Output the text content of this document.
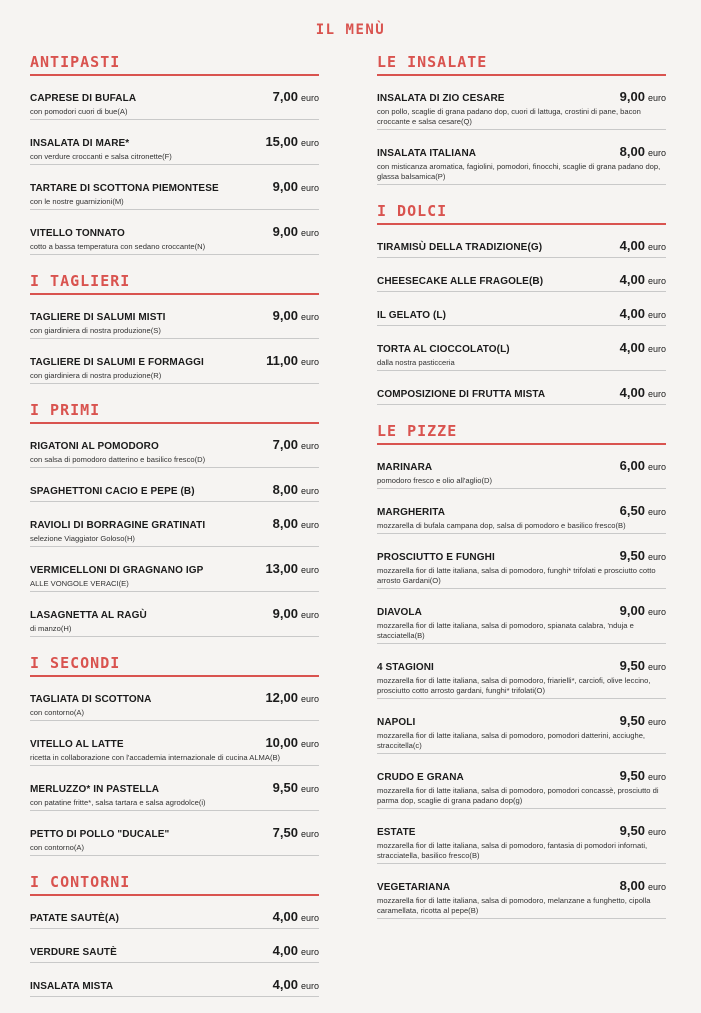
IL MENÙ
ANTIPASTI
CAPRESE DI BUFALA	7,00 euro
con pomodori cuori di bue(A)
INSALATA DI MARE*	15,00 euro
con verdure croccanti e salsa citronette(F)
TARTARE DI SCOTTONA PIEMONTESE	9,00 euro
con le nostre guarnizioni(M)
VITELLO TONNATO	9,00 euro
cotto a bassa temperatura con sedano croccante(N)
I TAGLIERI
TAGLIERE DI SALUMI MISTI	9,00 euro
con giardiniera di nostra produzione(S)
TAGLIERE DI SALUMI E FORMAGGI	11,00 euro
con giardiniera di nostra produzione(R)
I PRIMI
RIGATONI AL POMODORO	7,00 euro
con salsa di pomodoro datterino e basilico fresco(D)
SPAGHETTONI CACIO E PEPE (B)	8,00 euro
RAVIOLI DI BORRAGINE GRATINATI	8,00 euro
selezione Viaggiator Goloso(H)
VERMICELLONI DI GRAGNANO IGP	13,00 euro
ALLE VONGOLE VERACI(E)
LASAGNETTA AL RAGÙ	9,00 euro
di manzo(H)
I SECONDI
TAGLIATA DI SCOTTONA	12,00 euro
con contorno(A)
VITELLO AL LATTE	10,00 euro
ricetta in collaborazione con l'accademia internazionale di cucina ALMA(B)
MERLUZZO* IN PASTELLA	9,50 euro
con patatine fritte*, salsa tartara e salsa agrodolce(i)
PETTO DI POLLO "DUCALE"	7,50 euro
con contorno(A)
I CONTORNI
PATATE SAUTÈ(A)	4,00 euro
VERDURE SAUTÈ	4,00 euro
INSALATA MISTA	4,00 euro
LE INSALATE
INSALATA DI ZIO CESARE	9,00 euro
con pollo, scaglie di grana padano dop, cuori di lattuga, crostini di pane, bacon croccante e salsa cesare(Q)
INSALATA ITALIANA	8,00 euro
con misticanza aromatica, fagiolini, pomodori, finocchi, scaglie di grana padano dop, glassa balsamica(P)
I DOLCI
TIRAMISÙ DELLA TRADIZIONE(G)	4,00 euro
CHEESECAKE ALLE FRAGOLE(B)	4,00 euro
IL GELATO (L)	4,00 euro
TORTA AL CIOCCOLATO(L)	4,00 euro
dalla nostra pasticceria
COMPOSIZIONE DI FRUTTA MISTA	4,00 euro
LE PIZZE
MARINARA	6,00 euro
pomodoro fresco e olio all'aglio(D)
MARGHERITA	6,50 euro
mozzarella di bufala campana dop, salsa di pomodoro e basilico fresco(B)
PROSCIUTTO E FUNGHI	9,50 euro
mozzarella fior di latte italiana, salsa di pomodoro, funghi* trifolati e prosciutto cotto arrosto Gardani(O)
DIAVOLA	9,00 euro
mozzarella fior di latte italiana, salsa di pomodoro, spianata calabra, 'nduja e stacciatella(B)
4 STAGIONI	9,50 euro
mozzarella fior di latte italiana, salsa di pomodoro, friarielli*, carciofi, olive leccino, prosciutto cotto arrosto gardani, funghi* trifolati(O)
NAPOLI	9,50 euro
mozzarella fior di latte italiana, salsa di pomodoro, pomodori datterini, acciughe, straccitella(c)
CRUDO E GRANA	9,50 euro
mozzarella fior di latte italiana, salsa di pomodoro, pomodori concassè, prosciutto di parma dop, scaglie di grana padano dop(g)
ESTATE	9,50 euro
mozzarella fior di latte italiana, salsa di pomodoro, fantasia di pomodori infornati, stracciatella, basilico fresco(B)
VEGETARIANA	8,00 euro
mozzarella fior di latte italiana, salsa di pomodoro, melanzane a funghetto, cipolla caramellata, ricotta al pepe(B)
